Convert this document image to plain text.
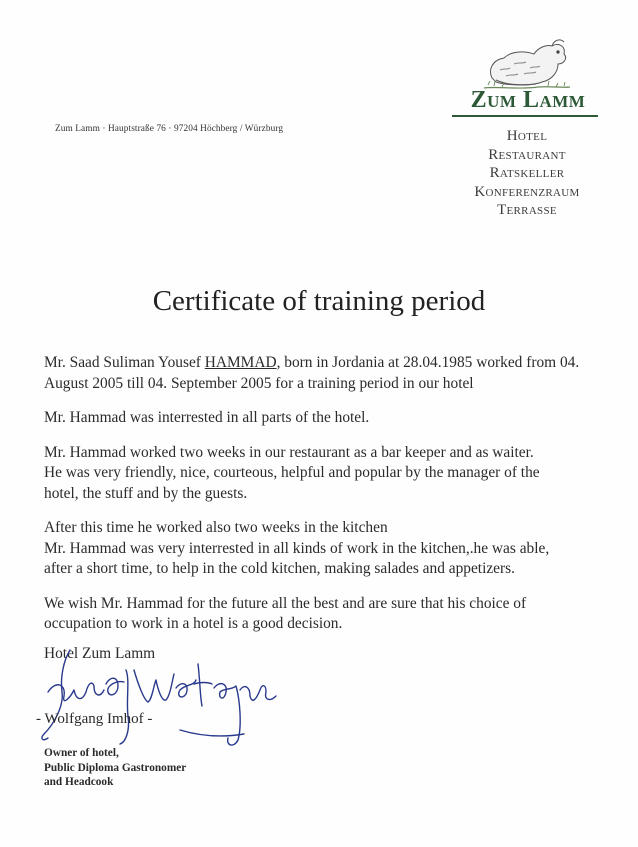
Zum Lamm
Hotel
Restaurant
Ratskeller
Konferenzraum
Terrasse
Zum Lamm · Hauptstraße 76 · 97204 Höchberg / Würzburg
Certificate of training period

Mr. Saad Suliman Yousef HAMMAD, born in Jordania at 28.04.1985 worked from 04. August 2005 till 04. September 2005 for a training period in our hotel

Mr. Hammad was interrested in all parts of the hotel.

Mr. Hammad worked two weeks in our restaurant as a bar keeper and as waiter.
He was very friendly, nice, courteous, helpful and popular by the manager of the
hotel, the stuff and by the guests.

After this time he worked also two weeks in the kitchen
Mr. Hammad was very interrested in all kinds of work in the kitchen,.he was able,
after a short time, to help in the cold kitchen, making salades and appetizers.

We wish Mr. Hammad for the future all the best and are sure that his choice of
occupation to work in a hotel is a good decision.

Hotel Zum Lamm
- Wolfgang Imhof -
Owner of hotel,
Public Diploma Gastronomer
and Headcook
